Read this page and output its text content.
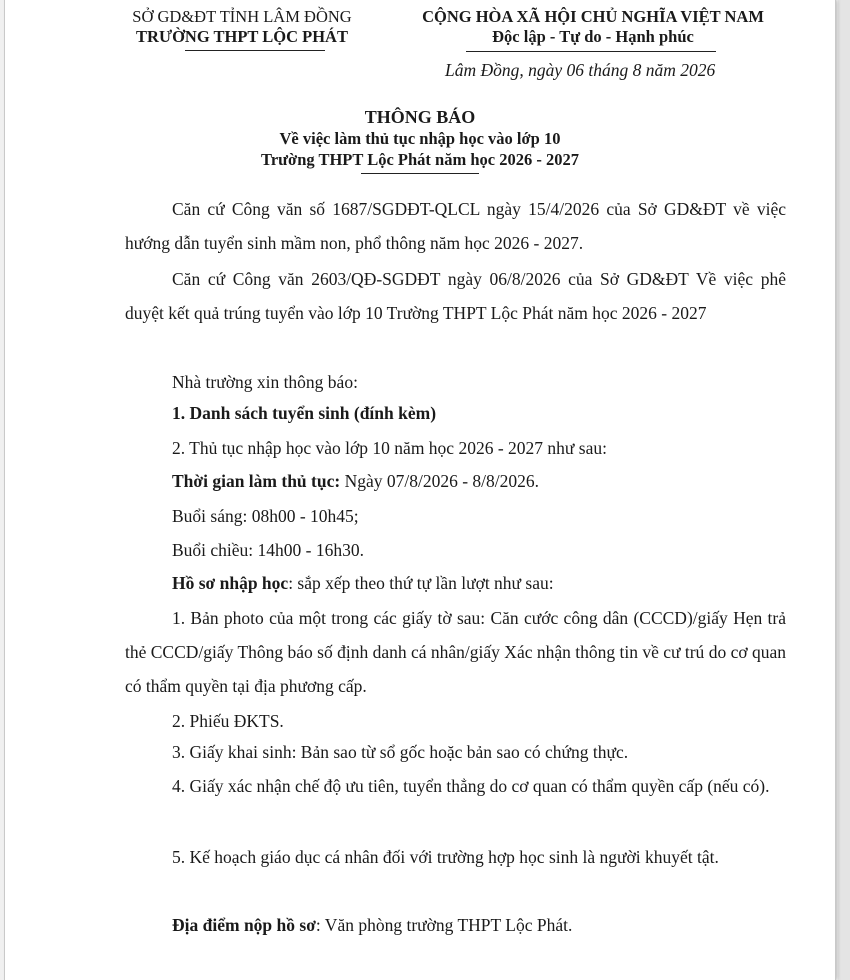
SỞ GD&ĐT TỈNH LÂM ĐỒNG
TRƯỜNG THPT LỘC PHÁT
CỘNG HÒA XÃ HỘI CHỦ NGHĨA VIỆT NAM
Độc lập - Tự do - Hạnh phúc
Lâm Đồng, ngày 06 tháng 8 năm 2026
THÔNG BÁO
Về việc làm thủ tục nhập học vào lớp 10
Trường THPT Lộc Phát năm học 2026 - 2027
Căn cứ Công văn số 1687/SGDĐT-QLCL ngày 15/4/2026 của Sở GD&ĐT về việc hướng dẫn tuyển sinh mầm non, phổ thông năm học 2026 - 2027.
Căn cứ Công văn 2603/QĐ-SGDĐT ngày 06/8/2026 của Sở GD&ĐT Về việc phê duyệt kết quả trúng tuyển vào lớp 10 Trường THPT Lộc Phát năm học 2026 - 2027
Nhà trường xin thông báo:
1. Danh sách tuyển sinh (đính kèm)
2. Thủ tục nhập học vào lớp 10 năm học 2026 - 2027 như sau:
Thời gian làm thủ tục: Ngày 07/8/2026 - 8/8/2026.
Buổi sáng: 08h00 - 10h45;
Buổi chiều: 14h00 - 16h30.
Hồ sơ nhập học: sắp xếp theo thứ tự lần lượt như sau:
1. Bản photo của một trong các giấy tờ sau: Căn cước công dân (CCCD)/giấy Hẹn trả thẻ CCCD/giấy Thông báo số định danh cá nhân/giấy Xác nhận thông tin về cư trú do cơ quan có thẩm quyền tại địa phương cấp.
2. Phiếu ĐKTS.
3. Giấy khai sinh: Bản sao từ sổ gốc hoặc bản sao có chứng thực.
4. Giấy xác nhận chế độ ưu tiên, tuyển thẳng do cơ quan có thẩm quyền cấp (nếu có).
5. Kế hoạch giáo dục cá nhân đối với trường hợp học sinh là người khuyết tật.
Địa điểm nộp hồ sơ: Văn phòng trường THPT Lộc Phát.
